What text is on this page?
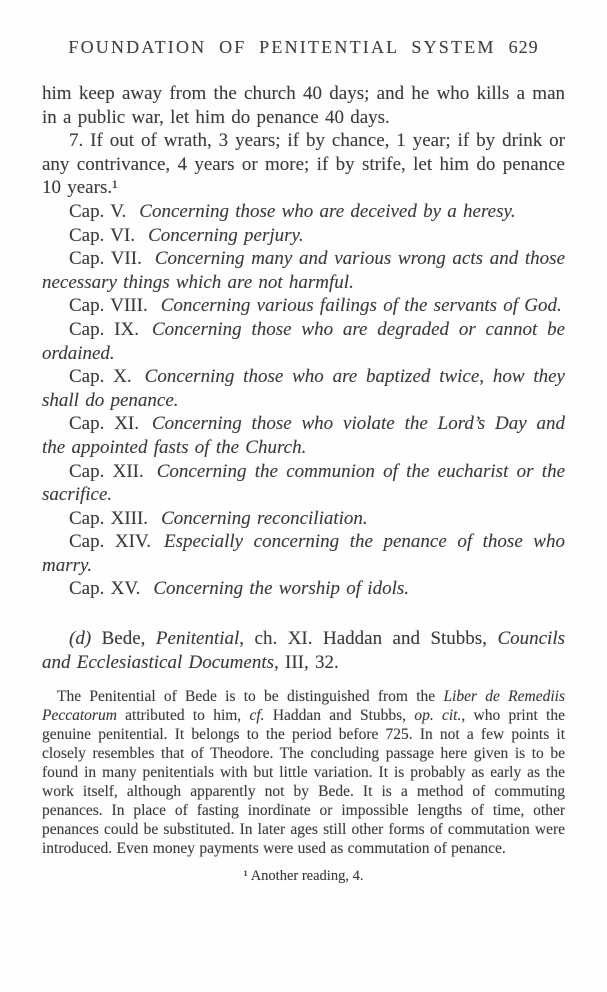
FOUNDATION OF PENITENTIAL SYSTEM 629

him keep away from the church 40 days; and he who kills a man in a public war, let him do penance 40 days.

7. If out of wrath, 3 years; if by chance, 1 year; if by drink or any contrivance, 4 years or more; if by strife, let him do penance 10 years.¹

Cap. V. Concerning those who are deceived by a heresy.

Cap. VI. Concerning perjury.

Cap. VII. Concerning many and various wrong acts and those necessary things which are not harmful.

Cap. VIII. Concerning various failings of the servants of God.

Cap. IX. Concerning those who are degraded or cannot be ordained.

Cap. X. Concerning those who are baptized twice, how they shall do penance.

Cap. XI. Concerning those who violate the Lord’s Day and the appointed fasts of the Church.

Cap. XII. Concerning the communion of the eucharist or the sacrifice.

Cap. XIII. Concerning reconciliation.

Cap. XIV. Especially concerning the penance of those who marry.

Cap. XV. Concerning the worship of idols.

(d) Bede, Penitential, ch. XI. Haddan and Stubbs, Councils and Ecclesiastical Documents, III, 32.

The Penitential of Bede is to be distinguished from the Liber de Remediis Peccatorum attributed to him, cf. Haddan and Stubbs, op. cit., who print the genuine penitential. It belongs to the period before 725. In not a few points it closely resembles that of Theodore. The concluding passage here given is to be found in many penitentials with but little variation. It is probably as early as the work itself, although apparently not by Bede. It is a method of commuting penances. In place of fasting inordinate or impossible lengths of time, other penances could be substituted. In later ages still other forms of commutation were introduced. Even money payments were used as commutation of penance.

¹ Another reading, 4.
